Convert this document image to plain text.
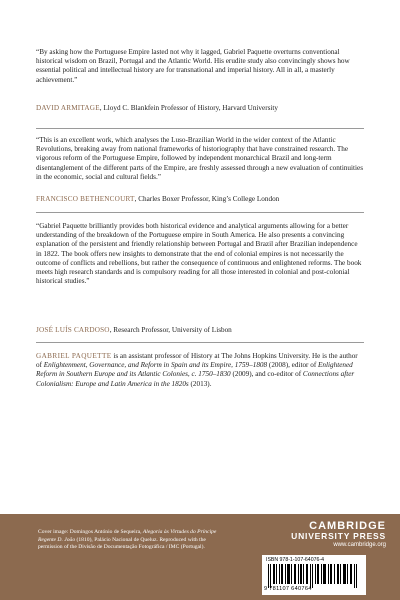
“By asking how the Portuguese Empire lasted not why it lagged, Gabriel Paquette overturns conventional historical wisdom on Brazil, Portugal and the Atlantic World. His erudite study also convincingly shows how essential political and intellectual history are for transnational and imperial history. All in all, a masterly achievement.”

DAVID ARMITAGE, Lloyd C. Blankfein Professor of History, Harvard University

“This is an excellent work, which analyses the Luso-Brazilian World in the wider context of the Atlantic Revolutions, breaking away from national frameworks of historiography that have constrained research. The vigorous reform of the Portuguese Empire, followed by independent monarchical Brazil and long-term disentanglement of the different parts of the Empire, are freshly assessed through a new evaluation of continuities in the economic, social and cultural fields.”

FRANCISCO BETHENCOURT, Charles Boxer Professor, King’s College London

“Gabriel Paquette brilliantly provides both historical evidence and analytical arguments allowing for a better understanding of the breakdown of the Portuguese empire in South America. He also presents a convincing explanation of the persistent and friendly relationship between Portugal and Brazil after Brazilian independence in 1822. The book offers new insights to demonstrate that the end of colonial empires is not necessarily the outcome of conflicts and rebellions, but rather the consequence of continuous and enlightened reforms. The book meets high research standards and is compulsory reading for all those interested in colonial and post-colonial historical studies.”

JOSÉ LUÍS CARDOSO, Research Professor, University of Lisbon
GABRIEL PAQUETTE is an assistant professor of History at The Johns Hopkins University. He is the author of Enlightenment, Governance, and Reform in Spain and its Empire, 1759–1808 (2008), editor of Enlightened Reform in Southern Europe and its Atlantic Colonies, c. 1750–1830 (2009), and co-editor of Connections after Colonialism: Europe and Latin America in the 1820s (2013).
CAMBRIDGE
UNIVERSITY PRESS
www.cambridge.org
Cover image: Domingos António de Sequeira, Alegoria às Virtudes do Príncipe Regente D. João (1810), Palácio Nacional de Queluz. Reproduced with the permission of the Divisão de Documentação Fotográfica / IMC (Portugal).
ISBN 978-1-107-64076-4
9 781107 640764
